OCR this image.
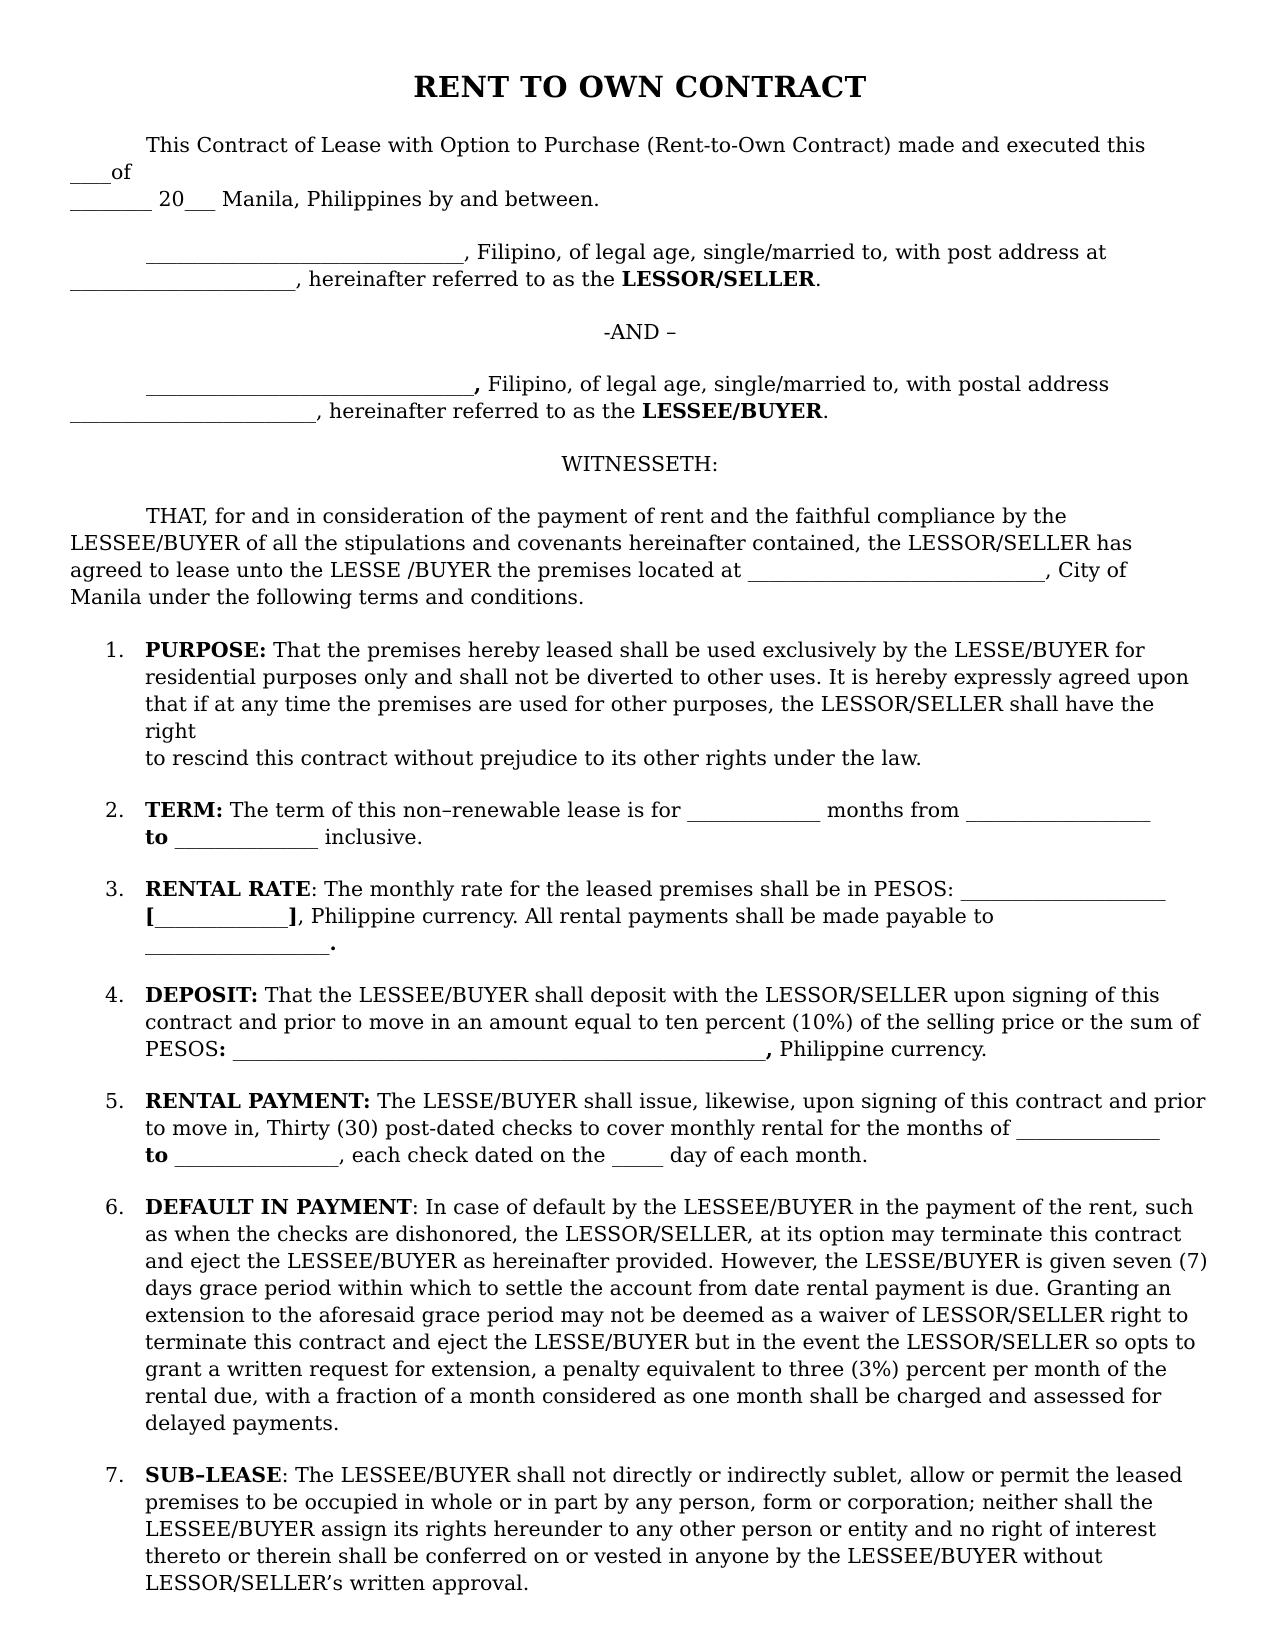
RENT TO OWN CONTRACT

This Contract of Lease with Option to Purchase (Rent-to-Own Contract) made and executed this ____of
________ 20___ Manila, Philippines by and between.

_______________________________, Filipino, of legal age, single/married to, with post address at
______________________, hereinafter referred to as the LESSOR/SELLER.

-AND –

________________________________, Filipino, of legal age, single/married to, with postal address
________________________, hereinafter referred to as the LESSEE/BUYER.

WITNESSETH:

THAT, for and in consideration of the payment of rent and the faithful compliance by the
LESSEE/BUYER of all the stipulations and covenants hereinafter contained, the LESSOR/SELLER has
agreed to lease unto the LESSE /BUYER the premises located at _____________________________, City of
Manila under the following terms and conditions.

1. PURPOSE: That the premises hereby leased shall be used exclusively by the LESSE/BUYER for
residential purposes only and shall not be diverted to other uses. It is hereby expressly agreed upon
that if at any time the premises are used for other purposes, the LESSOR/SELLER shall have the right
to rescind this contract without prejudice to its other rights under the law.
2. TERM: The term of this non–renewable lease is for _____________ months from __________________
to ______________ inclusive.
3. RENTAL RATE: The monthly rate for the leased premises shall be in PESOS: ____________________
[_____________], Philippine currency. All rental payments shall be made payable to
__________________.
4. DEPOSIT: That the LESSEE/BUYER shall deposit with the LESSOR/SELLER upon signing of this
contract and prior to move in an amount equal to ten percent (10%) of the selling price or the sum of
PESOS: ____________________________________________________, Philippine currency.
5. RENTAL PAYMENT: The LESSE/BUYER shall issue, likewise, upon signing of this contract and prior
to move in, Thirty (30) post-dated checks to cover monthly rental for the months of ______________
to ________________, each check dated on the _____ day of each month.
6. DEFAULT IN PAYMENT: In case of default by the LESSEE/BUYER in the payment of the rent, such
as when the checks are dishonored, the LESSOR/SELLER, at its option may terminate this contract
and eject the LESSEE/BUYER as hereinafter provided. However, the LESSE/BUYER is given seven (7)
days grace period within which to settle the account from date rental payment is due. Granting an
extension to the aforesaid grace period may not be deemed as a waiver of LESSOR/SELLER right to
terminate this contract and eject the LESSE/BUYER but in the event the LESSOR/SELLER so opts to
grant a written request for extension, a penalty equivalent to three (3%) percent per month of the
rental due, with a fraction of a month considered as one month shall be charged and assessed for
delayed payments.
7. SUB–LEASE: The LESSEE/BUYER shall not directly or indirectly sublet, allow or permit the leased
premises to be occupied in whole or in part by any person, form or corporation; neither shall the
LESSEE/BUYER assign its rights hereunder to any other person or entity and no right of interest
thereto or therein shall be conferred on or vested in anyone by the LESSEE/BUYER without
LESSOR/SELLER’s written approval.
